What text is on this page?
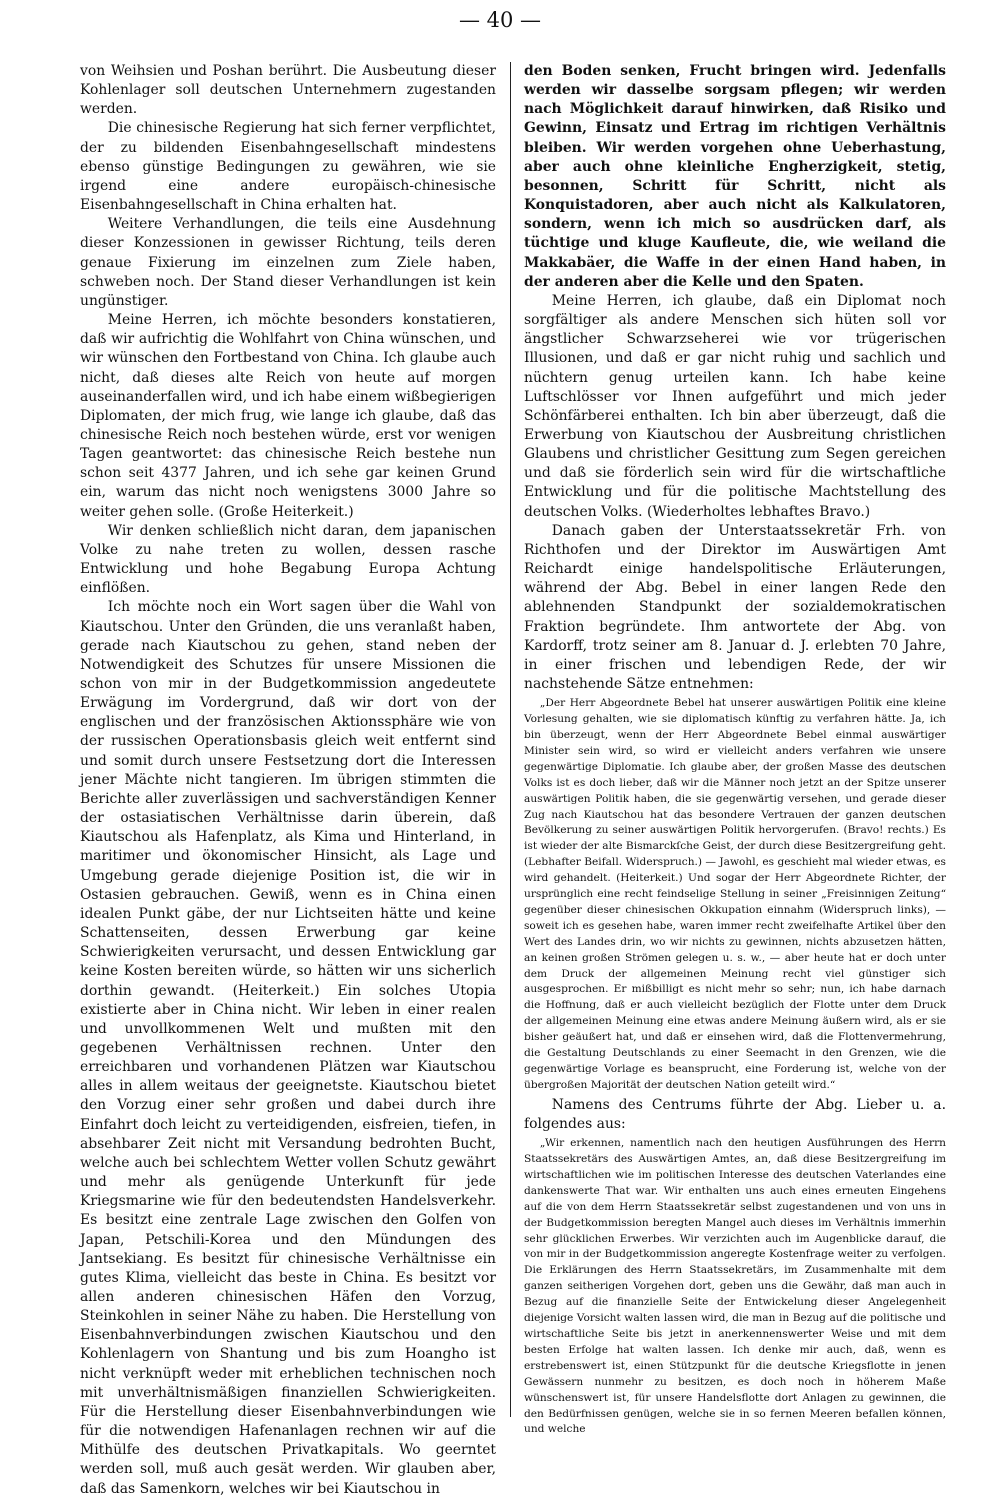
— 40 —

von Weihsien und Poshan berührt. Die Ausbeutung dieser Kohlenlager soll deutschen Unternehmern zugestanden werden.

Die chinesische Regierung hat sich ferner verpflichtet, der zu bildenden Eisenbahngesellschaft mindestens ebenso günstige Bedingungen zu gewähren, wie sie irgend eine andere europäisch-chinesische Eisenbahngesellschaft in China erhalten hat.

Weitere Verhandlungen, die teils eine Ausdehnung dieser Konzessionen in gewisser Richtung, teils deren genaue Fixierung im einzelnen zum Ziele haben, schweben noch. Der Stand dieser Verhandlungen ist kein ungünstiger.

Meine Herren, ich möchte besonders konstatieren, daß wir aufrichtig die Wohlfahrt von China wünschen, und wir wünschen den Fortbestand von China. Ich glaube auch nicht, daß dieses alte Reich von heute auf morgen auseinanderfallen wird, und ich habe einem wißbegierigen Diplomaten, der mich frug, wie lange ich glaube, daß das chinesische Reich noch bestehen würde, erst vor wenigen Tagen geantwortet: das chinesische Reich bestehe nun schon seit 4377 Jahren, und ich sehe gar keinen Grund ein, warum das nicht noch wenigstens 3000 Jahre so weiter gehen solle. (Große Heiterkeit.)

Wir denken schließlich nicht daran, dem japanischen Volke zu nahe treten zu wollen, dessen rasche Entwicklung und hohe Begabung Europa Achtung einflößen.

Ich möchte noch ein Wort sagen über die Wahl von Kiautschou. Unter den Gründen, die uns veranlaßt haben, gerade nach Kiautschou zu gehen, stand neben der Notwendigkeit des Schutzes für unsere Missionen die schon von mir in der Budgetkommission angedeutete Erwägung im Vordergrund, daß wir dort von der englischen und der französischen Aktionssphäre wie von der russischen Operationsbasis gleich weit entfernt sind und somit durch unsere Festsetzung dort die Interessen jener Mächte nicht tangieren. Im übrigen stimmten die Berichte aller zuverlässigen und sachverständigen Kenner der ostasiatischen Verhältnisse darin überein, daß Kiautschou als Hafenplatz, als Kima und Hinterland, in maritimer und ökonomischer Hinsicht, als Lage und Umgebung gerade diejenige Position ist, die wir in Ostasien gebrauchen. Gewiß, wenn es in China einen idealen Punkt gäbe, der nur Lichtseiten hätte und keine Schattenseiten, dessen Erwerbung gar keine Schwierigkeiten verursacht, und dessen Entwicklung gar keine Kosten bereiten würde, so hätten wir uns sicherlich dorthin gewandt. (Heiterkeit.) Ein solches Utopia existierte aber in China nicht. Wir leben in einer realen und unvollkommenen Welt und mußten mit den gegebenen Verhältnissen rechnen. Unter den erreichbaren und vorhandenen Plätzen war Kiautschou alles in allem weitaus der geeignetste. Kiautschou bietet den Vorzug einer sehr großen und dabei durch ihre Einfahrt doch leicht zu verteidigenden, eisfreien, tiefen, in absehbarer Zeit nicht mit Versandung bedrohten Bucht, welche auch bei schlechtem Wetter vollen Schutz gewährt und mehr als genügende Unterkunft für jede Kriegsmarine wie für den bedeutendsten Handelsverkehr. Es besitzt eine zentrale Lage zwischen den Golfen von Japan, Petschili-Korea und den Mündungen des Jantsekiang. Es besitzt für chinesische Verhältnisse ein gutes Klima, vielleicht das beste in China. Es besitzt vor allen anderen chinesischen Häfen den Vorzug, Steinkohlen in seiner Nähe zu haben. Die Herstellung von Eisenbahnverbindungen zwischen Kiautschou und den Kohlenlagern von Shantung und bis zum Hoangho ist nicht verknüpft weder mit erheblichen technischen noch mit unverhältnismäßigen finanziellen Schwierigkeiten. Für die Herstellung dieser Eisenbahnverbindungen wie für die notwendigen Hafenanlagen rechnen wir auf die Mithülfe des deutschen Privatkapitals. Wo geerntet werden soll, muß auch gesät werden. Wir glauben aber, daß das Samenkorn, welches wir bei Kiautschou in

den Boden senken, Frucht bringen wird. Jedenfalls werden wir dasselbe sorgsam pflegen; wir werden nach Möglichkeit darauf hinwirken, daß Risiko und Gewinn, Einsatz und Ertrag im richtigen Verhältnis bleiben. Wir werden vorgehen ohne Ueberhastung, aber auch ohne kleinliche Engherzigkeit, stetig, besonnen, Schritt für Schritt, nicht als Konquistadoren, aber auch nicht als Kalkulatoren, sondern, wenn ich mich so ausdrücken darf, als tüchtige und kluge Kaufleute, die, wie weiland die Makkabäer, die Waffe in der einen Hand haben, in der anderen aber die Kelle und den Spaten.

Meine Herren, ich glaube, daß ein Diplomat noch sorgfältiger als andere Menschen sich hüten soll vor ängstlicher Schwarzseherei wie vor trügerischen Illusionen, und daß er gar nicht ruhig und sachlich und nüchtern genug urteilen kann. Ich habe keine Luftschlösser vor Ihnen aufgeführt und mich jeder Schönfärberei enthalten. Ich bin aber überzeugt, daß die Erwerbung von Kiautschou der Ausbreitung christlichen Glaubens und christlicher Gesittung zum Segen gereichen und daß sie förderlich sein wird für die wirtschaftliche Entwicklung und für die politische Machtstellung des deutschen Volks. (Wiederholtes lebhaftes Bravo.)

Danach gaben der Unterstaatssekretär Frh. von Richthofen und der Direktor im Auswärtigen Amt Reichardt einige handelspolitische Erläuterungen, während der Abg. Bebel in einer langen Rede den ablehnenden Standpunkt der sozialdemokratischen Fraktion begründete. Ihm antwortete der Abg. von Kardorff, trotz seiner am 8. Januar d. J. erlebten 70 Jahre, in einer frischen und lebendigen Rede, der wir nachstehende Sätze entnehmen:

„Der Herr Abgeordnete Bebel hat unserer auswärtigen Politik eine kleine Vorlesung gehalten, wie sie diplomatisch künftig zu verfahren hätte. Ja, ich bin überzeugt, wenn der Herr Abgeordnete Bebel einmal auswärtiger Minister sein wird, so wird er vielleicht anders verfahren wie unsere gegenwärtige Diplomatie. Ich glaube aber, der großen Masse des deutschen Volks ist es doch lieber, daß wir die Männer noch jetzt an der Spitze unserer auswärtigen Politik haben, die sie gegenwärtig versehen, und gerade dieser Zug nach Kiautschou hat das besondere Vertrauen der ganzen deutschen Bevölkerung zu seiner auswärtigen Politik hervorgerufen. (Bravo! rechts.) Es ist wieder der alte Bismarckſche Geist, der durch diese Besitzergreifung geht. (Lebhafter Beifall. Widerspruch.) — Jawohl, es geschieht mal wieder etwas, es wird gehandelt. (Heiterkeit.) Und sogar der Herr Abgeordnete Richter, der ursprünglich eine recht feindselige Stellung in seiner „Freisinnigen Zeitung“ gegenüber dieser chinesischen Okkupation einnahm (Widerspruch links), — soweit ich es gesehen habe, waren immer recht zweifelhafte Artikel über den Wert des Landes drin, wo wir nichts zu gewinnen, nichts abzusetzen hätten, an keinen großen Strömen gelegen u. s. w., — aber heute hat er doch unter dem Druck der allgemeinen Meinung recht viel günstiger sich ausgesprochen. Er mißbilligt es nicht mehr so sehr; nun, ich habe darnach die Hoffnung, daß er auch vielleicht bezüglich der Flotte unter dem Druck der allgemeinen Meinung eine etwas andere Meinung äußern wird, als er sie bisher geäußert hat, und daß er einsehen wird, daß die Flottenvermehrung, die Gestaltung Deutschlands zu einer Seemacht in den Grenzen, wie die gegenwärtige Vorlage es beansprucht, eine Forderung ist, welche von der übergroßen Majorität der deutschen Nation geteilt wird.“

Namens des Centrums führte der Abg. Lieber u. a. folgendes aus:

„Wir erkennen, namentlich nach den heutigen Ausführungen des Herrn Staatssekretärs des Auswärtigen Amtes, an, daß diese Besitzergreifung im wirtschaftlichen wie im politischen Interesse des deutschen Vaterlandes eine dankenswerte That war. Wir enthalten uns auch eines erneuten Eingehens auf die von dem Herrn Staatssekretär selbst zugestandenen und von uns in der Budgetkommission beregten Mangel auch dieses im Verhältnis immerhin sehr glücklichen Erwerbes. Wir verzichten auch im Augenblicke darauf, die von mir in der Budgetkommission angeregte Kostenfrage weiter zu verfolgen. Die Erklärungen des Herrn Staatssekretärs, im Zusammenhalte mit dem ganzen seitherigen Vorgehen dort, geben uns die Gewähr, daß man auch in Bezug auf die finanzielle Seite der Entwickelung dieser Angelegenheit diejenige Vorsicht walten lassen wird, die man in Bezug auf die politische und wirtschaftliche Seite bis jetzt in anerkennenswerter Weise und mit dem besten Erfolge hat walten lassen. Ich denke mir auch, daß, wenn es erstrebenswert ist, einen Stützpunkt für die deutsche Kriegsflotte in jenen Gewässern nunmehr zu besitzen, es doch noch in höherem Maße wünschenswert ist, für unsere Handelsflotte dort Anlagen zu gewinnen, die den Bedürfnissen genügen, welche sie in so fernen Meeren befallen können, und welche
